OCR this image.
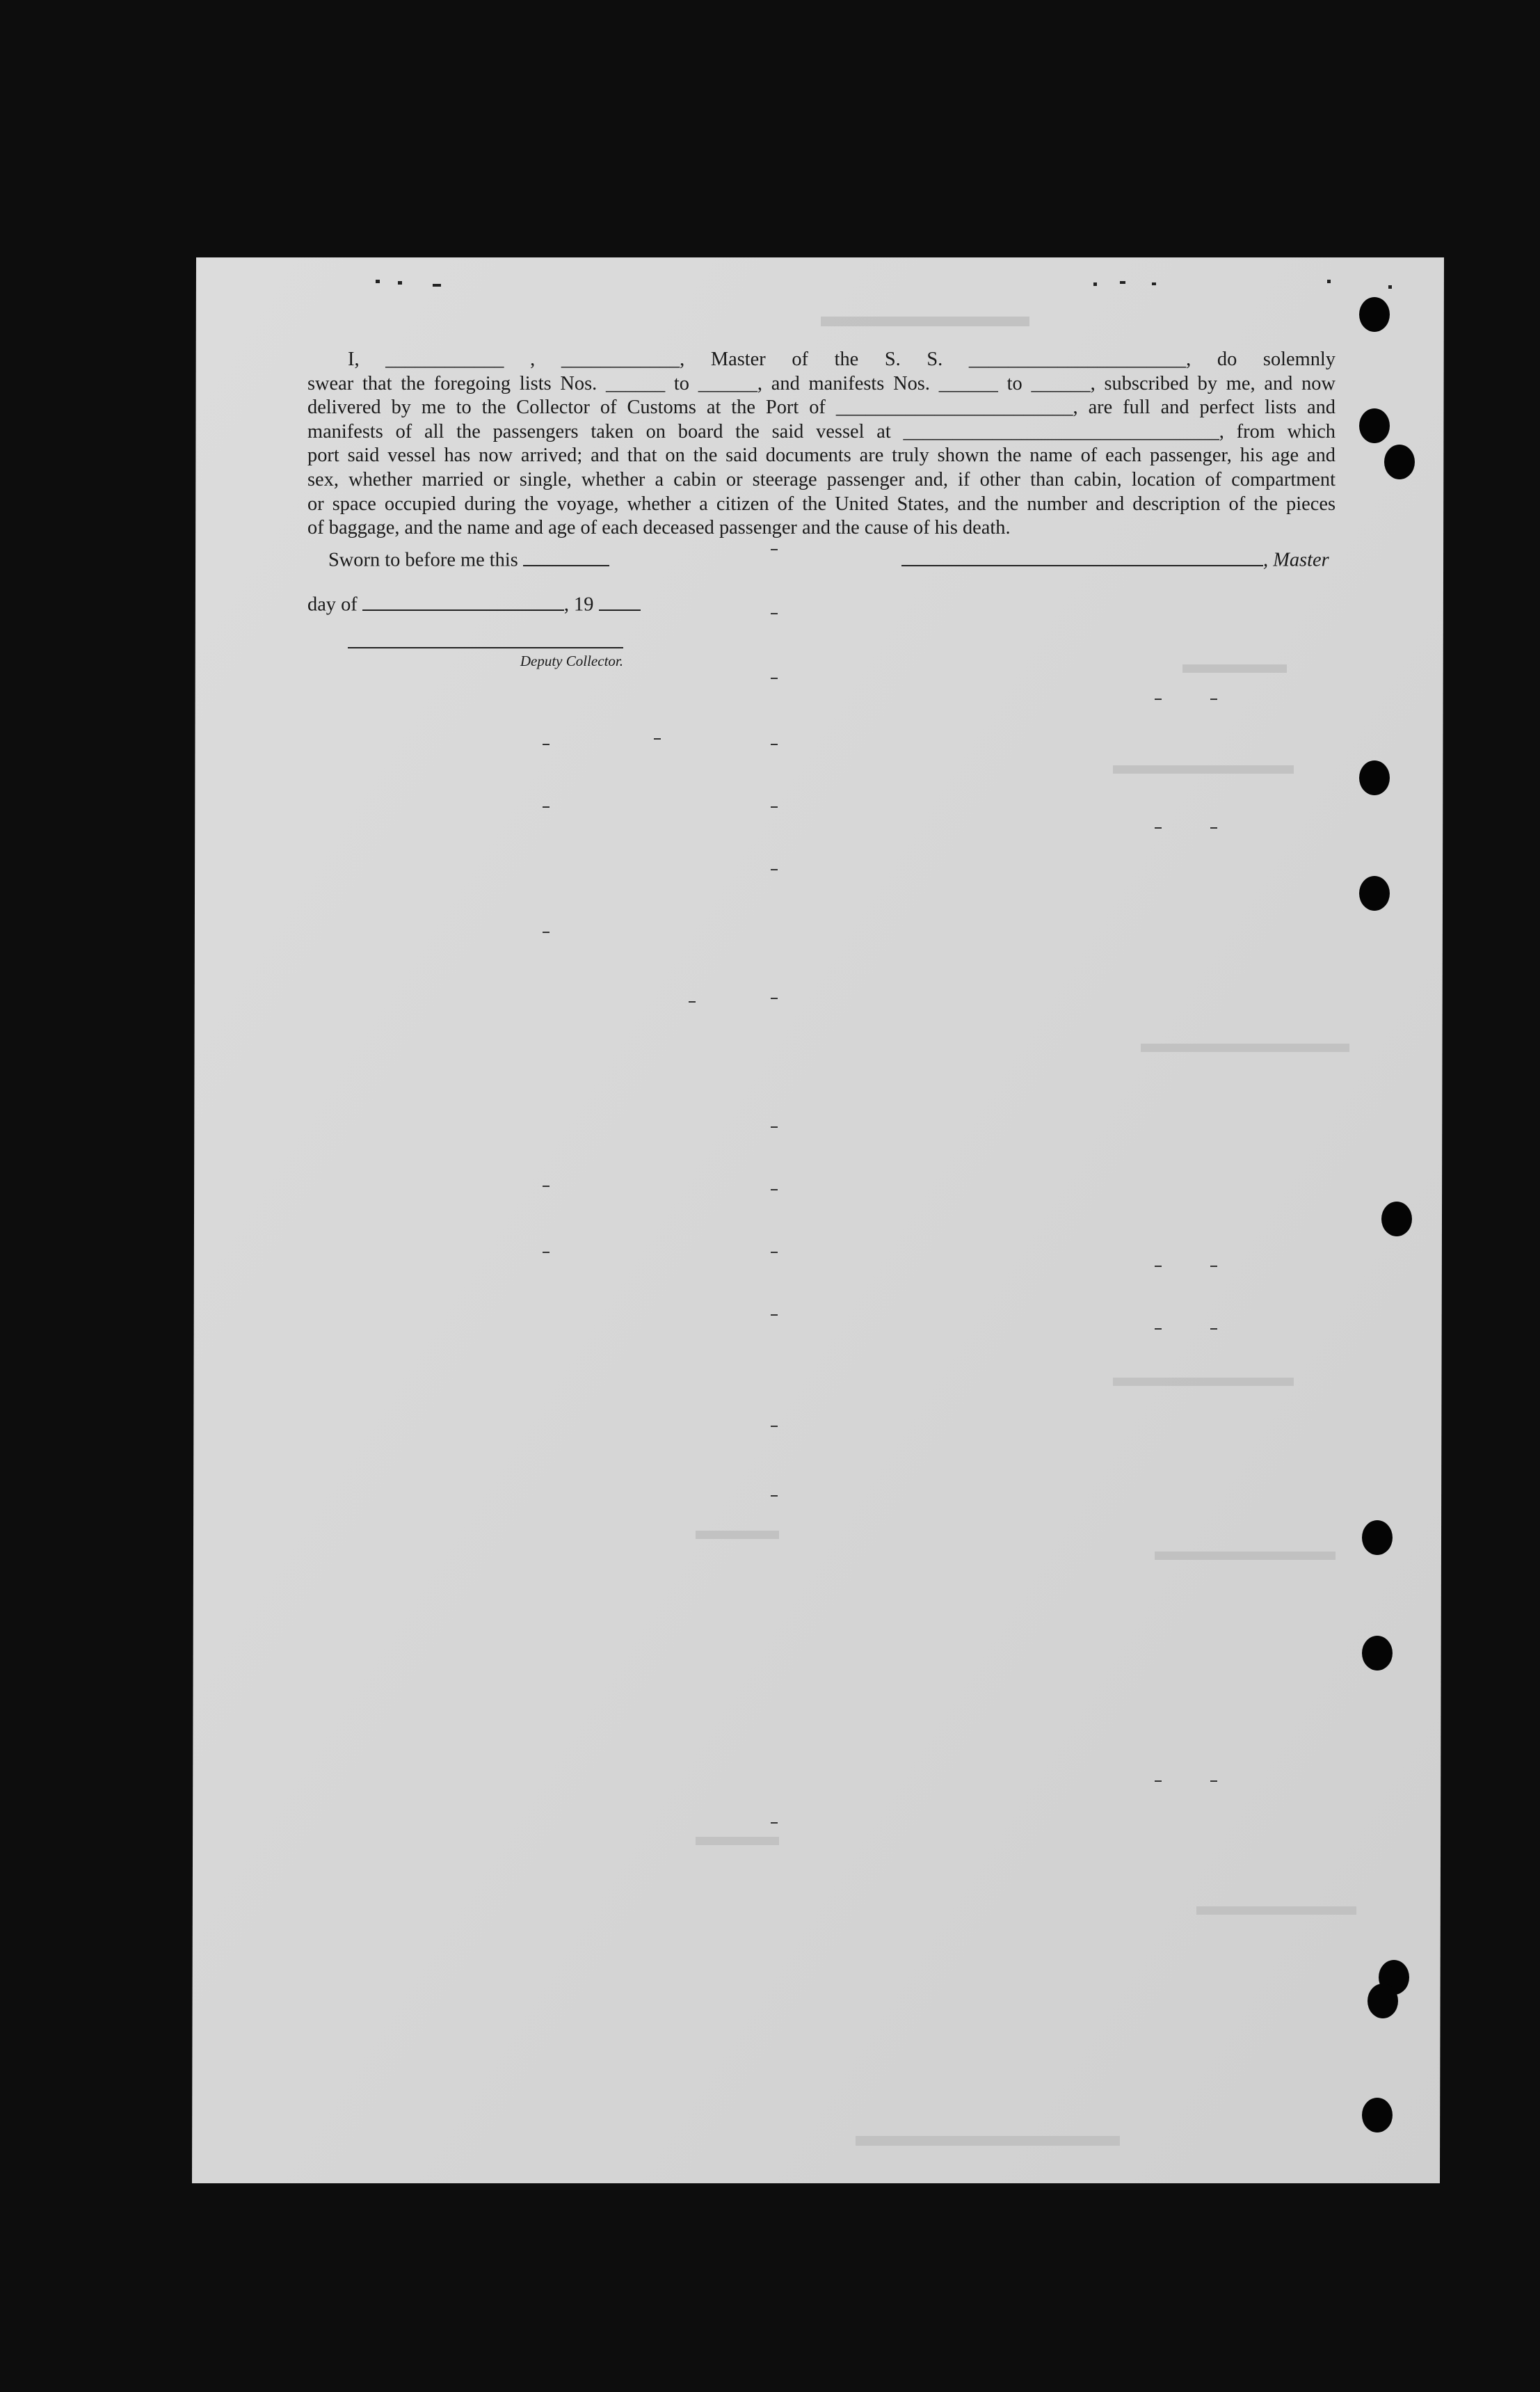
I, ____________ , ____________, Master of the S. S. ______________________, do solemnly

swear that the foregoing lists Nos. ______ to ______, and manifests Nos. ______ to ______, subscribed by me, and now

delivered by me to the Collector of Customs at the Port of ________________________, are full and perfect lists and

manifests of all the passengers taken on board the said vessel at ________________________________, from which

port said vessel has now arrived; and that on the said documents are truly shown the name of each passenger, his age and

sex, whether married or single, whether a cabin or steerage passenger and, if other than cabin, location of compartment

or space occupied during the voyage, whether a citizen of the United States, and the number and description of the pieces

of baggage, and the name and age of each deceased passenger and the cause of his death.

Sworn to before me this
day of	, 19
, Master
Deputy Collector.
